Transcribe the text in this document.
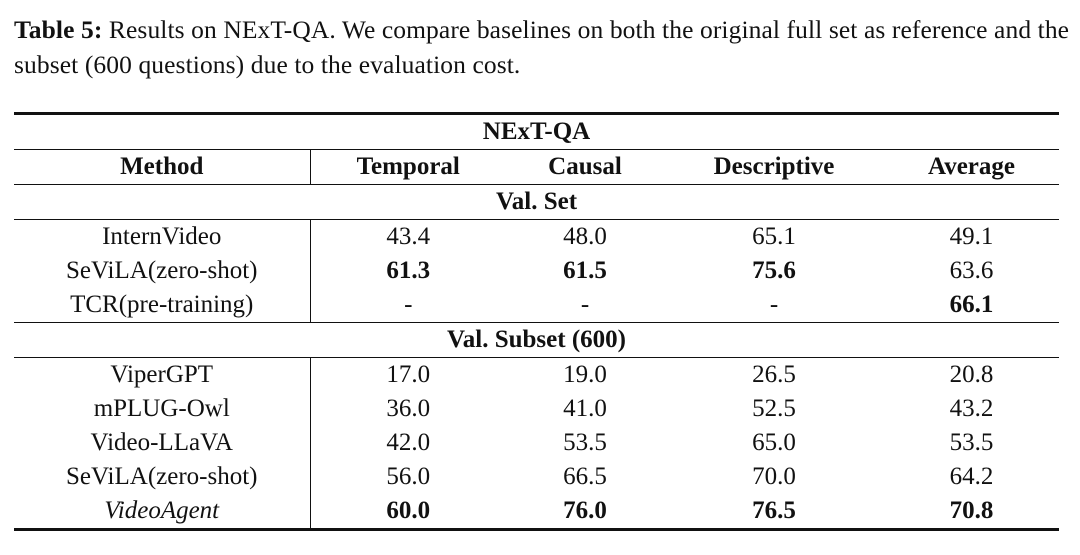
Table 5: Results on NExT-QA. We compare baselines on both the original full set as reference and the subset (600 questions) due to the evaluation cost.
NExT-QA				
Method	Temporal	Causal	Descriptive	Average
Val. Set				
InternVideo	43.4	48.0	65.1	49.1
SeViLA(zero-shot)	61.3	61.5	75.6	63.6
TCR(pre-training)	-	-	-	66.1
Val. Subset (600)				
ViperGPT	17.0	19.0	26.5	20.8
mPLUG-Owl	36.0	41.0	52.5	43.2
Video-LLaVA	42.0	53.5	65.0	53.5
SeViLA(zero-shot)	56.0	66.5	70.0	64.2
VideoAgent	60.0	76.0	76.5	70.8
